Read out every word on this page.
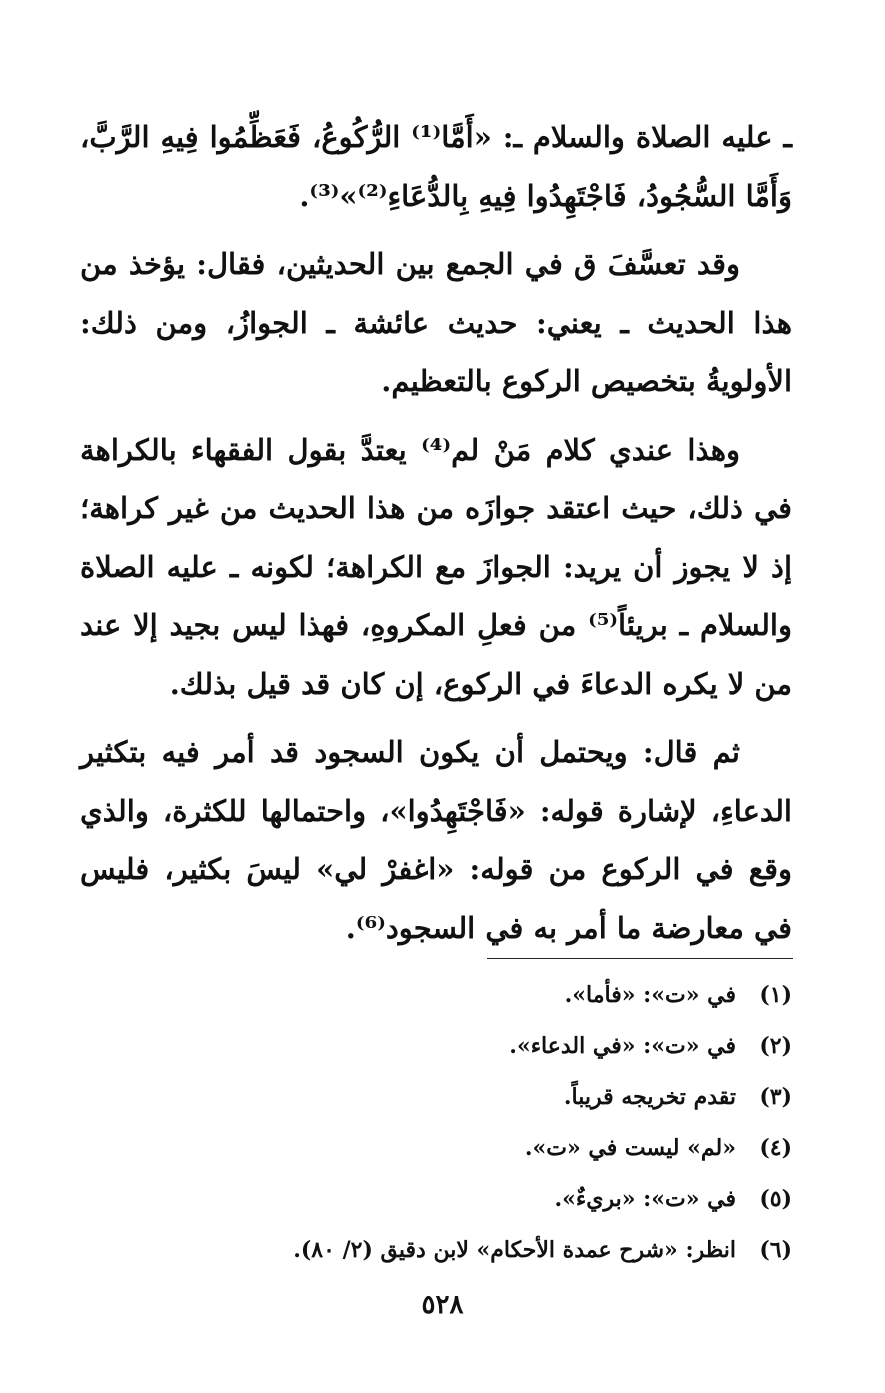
ـ عليه الصلاة والسلام ـ: «أَمَّا⁽¹⁾ الرُّكُوعُ، فَعَظِّمُوا فِيهِ الرَّبَّ، وَأَمَّا السُّجُودُ، فَاجْتَهِدُوا فِيهِ بِالدُّعَاءِ⁽²⁾»⁽³⁾.

وقد تعسَّفَ ق في الجمع بين الحديثين، فقال: يؤخذ من هذا الحديث ـ يعني: حديث عائشة ـ الجوازُ، ومن ذلك: الأولويةُ بتخصيص الركوع بالتعظيم.

وهذا عندي كلام مَنْ لم⁽⁴⁾ يعتدَّ بقول الفقهاء بالكراهة في ذلك، حيث اعتقد جوازَه من هذا الحديث من غير كراهة؛ إذ لا يجوز أن يريد: الجوازَ مع الكراهة؛ لكونه ـ عليه الصلاة والسلام ـ بريئاً⁽⁵⁾ من فعلِ المكروهِ، فهذا ليس بجيد إلا عند من لا يكره الدعاءَ في الركوع، إن كان قد قيل بذلك.

ثم قال: ويحتمل أن يكون السجود قد أمر فيه بتكثير الدعاءِ، لإشارة قوله: «فَاجْتَهِدُوا»، واحتمالها للكثرة، والذي وقع في الركوع من قوله: «اغفرْ لي» ليسَ بكثير، فليس في معارضة ما أمر به في السجود⁽⁶⁾.

(١)في «ت»: «فأما».
(٢)في «ت»: «في الدعاء».
(٣)تقدم تخريجه قريباً.
(٤)«لم» ليست في «ت».
(٥)في «ت»: «بريءٌ».
(٦)انظر: «شرح عمدة الأحكام» لابن دقيق (٢/ ٨٠).
٥٢٨
